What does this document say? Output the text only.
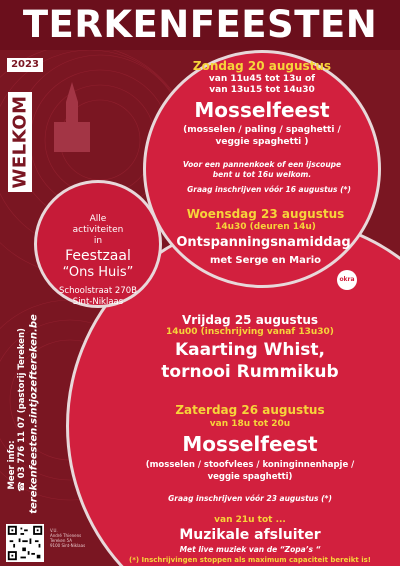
TERKENFEESTEN
2023
WELKOM
Meer info: ☎ 03 776 11 07 (pastorij Tereken) terekenfeesten.sintjozeftereken.be
Zondag 20 augustus
van 11u45 tot 13u of
van 13u15 tot 14u30
Mosselfeest
(mosselen / paling / spaghetti /
veggie spaghetti )
Voor een pannenkoek of een ijscoupe
bent u tot 16u welkom.
Graag inschrijven vóór 16 augustus (*)
Alle
activiteiten
in
Feestzaal
“Ons Huis”
Schoolstraat 270B
Sint-Niklaas
Woensdag 23 augustus
14u30 (deuren 14u)
Ontspanningsnamiddag
met Serge en Mario
okra
Vrijdag 25 augustus
14u00 (inschrijving vanaf 13u30)
Kaarting Whist,
tornooi Rummikub
Zaterdag 26 augustus
van 18u tot 20u
Mosselfeest
(mosselen / stoofvlees / koninginnenhapje /
veggie spaghetti)
Graag inschrijven vóór 23 augustus (*)
van 21u tot ...
Muzikale afsluiter
Met live muziek van de “Zopa’s “
(*) Inschrijvingen stoppen als maximum capaciteit bereikt is!
V.U.
André Thienens
Tereken 5A
9100 Sint-Niklaas
